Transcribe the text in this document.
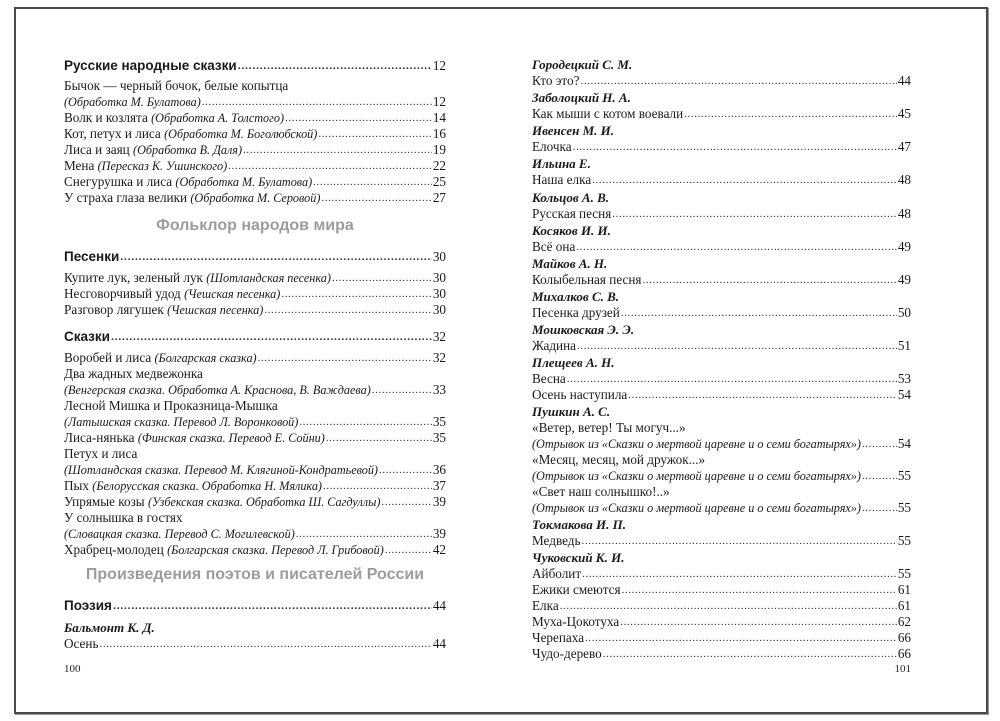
Русские народные сказки .....	12
Бычок — черный бочок, белые копытца
(Обработка М. Булатова) .....	12
Волк и козлята
(Обработка А. Толстого) .....	14
Кот, петух и лиса
(Обработка М. Боголюбской) .....	16
Лиса и заяц
(Обработка В. Даля) .....	19
Мена
(Пересказ К. Ушинского) .....	22
Снегурушка и лиса
(Обработка М. Булатова) .....	25
У страха глаза велики
(Обработка М. Серовой) .....	27
Фольклор народов мира
Песенки .....	30
Купите лук, зеленый лук
(Шотландская песенка) .....	30
Несговорчивый удод
(Чешская песенка) .....	30
Разговор лягушек
(Чешская песенка) .....	30
Сказки .....	32
Воробей и лиса
(Болгарская сказка) .....	32
Два жадных медвежонка
(Венгерская сказка. Обработка А. Краснова, В. Важдаева) .....	33
Лесной Мишка и Проказница-Мышка
(Латышская сказка. Перевод Л. Воронковой) .....	35
Лиса-нянька
(Финская сказка. Перевод Е. Сойни) .....	35
Петух и лиса
(Шотландская сказка. Перевод М. Клягиной-Кондратьевой) .....	36
Пых
(Белорусская сказка. Обработка Н. Мялика) .....	37
Упрямые козы
(Узбекская сказка. Обработка Ш. Сагдуллы) .....	39
У солнышка в гостях
(Словацкая сказка. Перевод С. Могилевской) .....	39
Храбрец-молодец
(Болгарская сказка. Перевод Л. Грибовой) .....	42
Произведения поэтов и писателей России
Поэзия .....	44
Бальмонт К. Д.
Осень .....	44
100
Городецкий С. М.
Кто это? .....	44
Заболоцкий Н. А.
Как мыши с котом воевали .....	45
Ивенсен М. И.
Елочка .....	47
Ильина Е.
Наша елка .....	48
Кольцов А. В.
Русская песня .....	48
Косяков И. И.
Всё она .....	49
Майков А. Н.
Колыбельная песня .....	49
Михалков С. В.
Песенка друзей .....	50
Мошковская Э. Э.
Жадина .....	51
Плещеев А. Н.
Весна .....	53
Осень наступила .....	54
Пушкин А. С.
«Ветер, ветер! Ты могуч...»
(Отрывок из «Сказки о мертвой царевне и о семи богатырях») .....	54
«Месяц, месяц, мой дружок...»
(Отрывок из «Сказки о мертвой царевне и о семи богатырях») .....	55
«Свет наш солнышко!..»
(Отрывок из «Сказки о мертвой царевне и о семи богатырях») .....	55
Токмакова И. П.
Медведь .....	55
Чуковский К. И.
Айболит .....	55
Ежики смеются .....	61
Елка .....	61
Муха-Цокотуха .....	62
Черепаха .....	66
Чудо-дерево .....	66
101
